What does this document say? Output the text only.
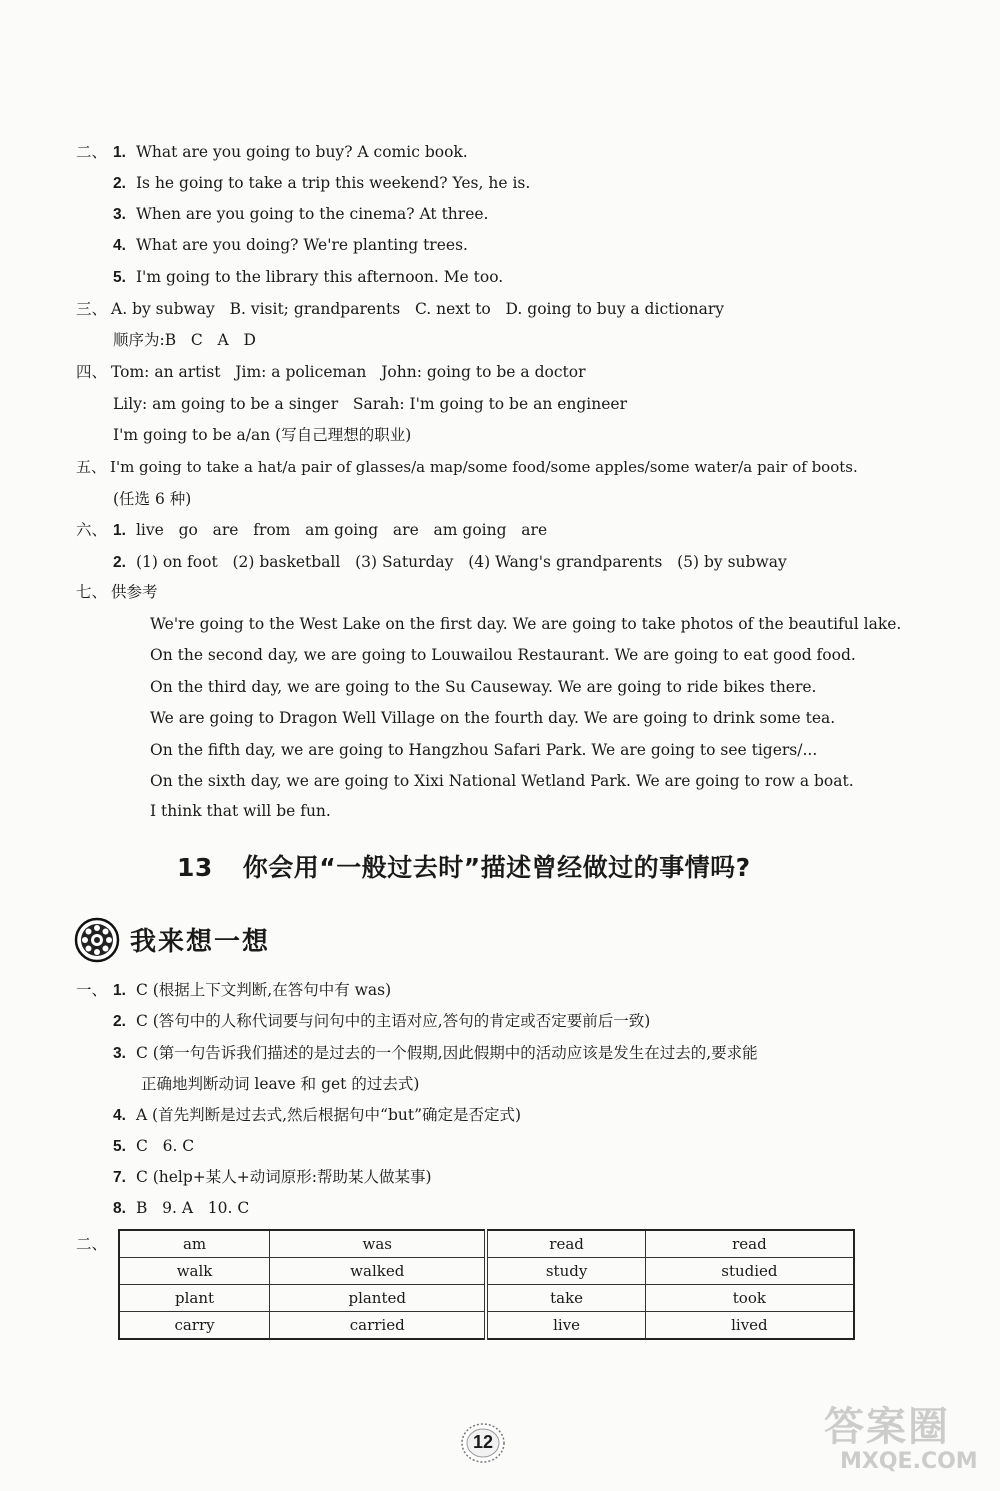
二、 1. What are you going to buy? A comic book.
2. Is he going to take a trip this weekend? Yes, he is.
3. When are you going to the cinema? At three.
4. What are you doing? We're planting trees.
5. I'm going to the library this afternoon. Me too.
三、 A. by subway   B. visit; grandparents   C. next to   D. going to buy a dictionary
顺序为:B   C   A   D
四、 Tom: an artist   Jim: a policeman   John: going to be a doctor
Lily: am going to be a singer   Sarah: I'm going to be an engineer
I'm going to be a/an (写自己理想的职业)
五、 I'm going to take a hat/a pair of glasses/a map/some food/some apples/some water/a pair of boots.
(任选 6 种)
六、 1. live   go   are   from   am going   are   am going   are
2. (1) on foot   (2) basketball   (3) Saturday   (4) Wang's grandparents   (5) by subway
七、 供参考
We're going to the West Lake on the first day. We are going to take photos of the beautiful lake.
On the second day, we are going to Louwailou Restaurant. We are going to eat good food.
On the third day, we are going to the Su Causeway. We are going to ride bikes there.
We are going to Dragon Well Village on the fourth day. We are going to drink some tea.
On the fifth day, we are going to Hangzhou Safari Park. We are going to see tigers/...
On the sixth day, we are going to Xixi National Wetland Park. We are going to row a boat.
I think that will be fun.
13 你会用“一般过去时”描述曾经做过的事情吗?
我来想一想
一、 1. C (根据上下文判断,在答句中有 was)
2. C (答句中的人称代词要与问句中的主语对应,答句的肯定或否定要前后一致)
3. C (第一句告诉我们描述的是过去的一个假期,因此假期中的活动应该是发生在过去的,要求能
正确地判断动词 leave 和 get 的过去式)
4. A (首先判断是过去式,然后根据句中“but”确定是否定式)
5. C   6. C
7. C (help+某人+动词原形:帮助某人做某事)
8. B   9. A   10. C
二、	am	was	read	read
walk	walked	study	studied
plant	planted	take	took
carry	carried	live	lived
12	答案圈
MXQE.COM
